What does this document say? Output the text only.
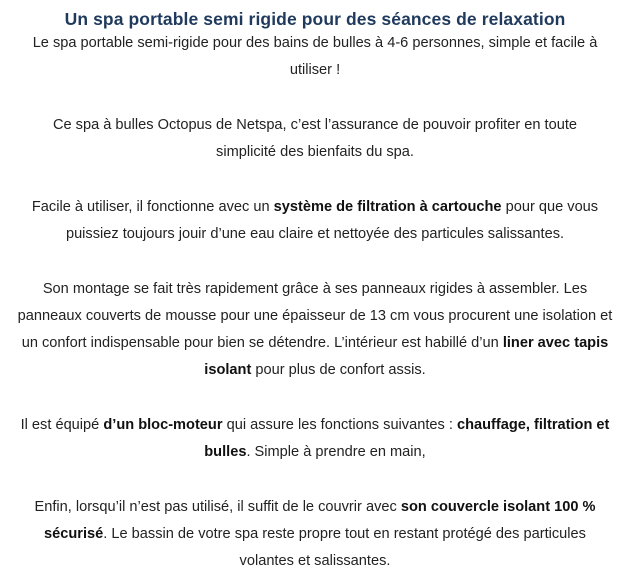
Un spa portable semi rigide pour des séances de relaxation

Le spa portable semi-rigide pour des bains de bulles à 4-6 personnes, simple et facile à utiliser !

Ce spa à bulles Octopus de Netspa, c’est l’assurance de pouvoir profiter en toute simplicité des bienfaits du spa.

Facile à utiliser, il fonctionne avec un système de filtration à cartouche pour que vous puissiez toujours jouir d’une eau claire et nettoyée des particules salissantes.

Son montage se fait très rapidement grâce à ses panneaux rigides à assembler. Les panneaux couverts de mousse pour une épaisseur de 13 cm vous procurent une isolation et un confort indispensable pour bien se détendre. L’intérieur est habillé d’un liner avec tapis isolant pour plus de confort assis.

Il est équipé d’un bloc-moteur qui assure les fonctions suivantes : chauffage, filtration et bulles. Simple à prendre en main,

Enfin, lorsqu’il n’est pas utilisé, il suffit de le couvrir avec son couvercle isolant 100 % sécurisé. Le bassin de votre spa reste propre tout en restant protégé des particules volantes et salissantes.
